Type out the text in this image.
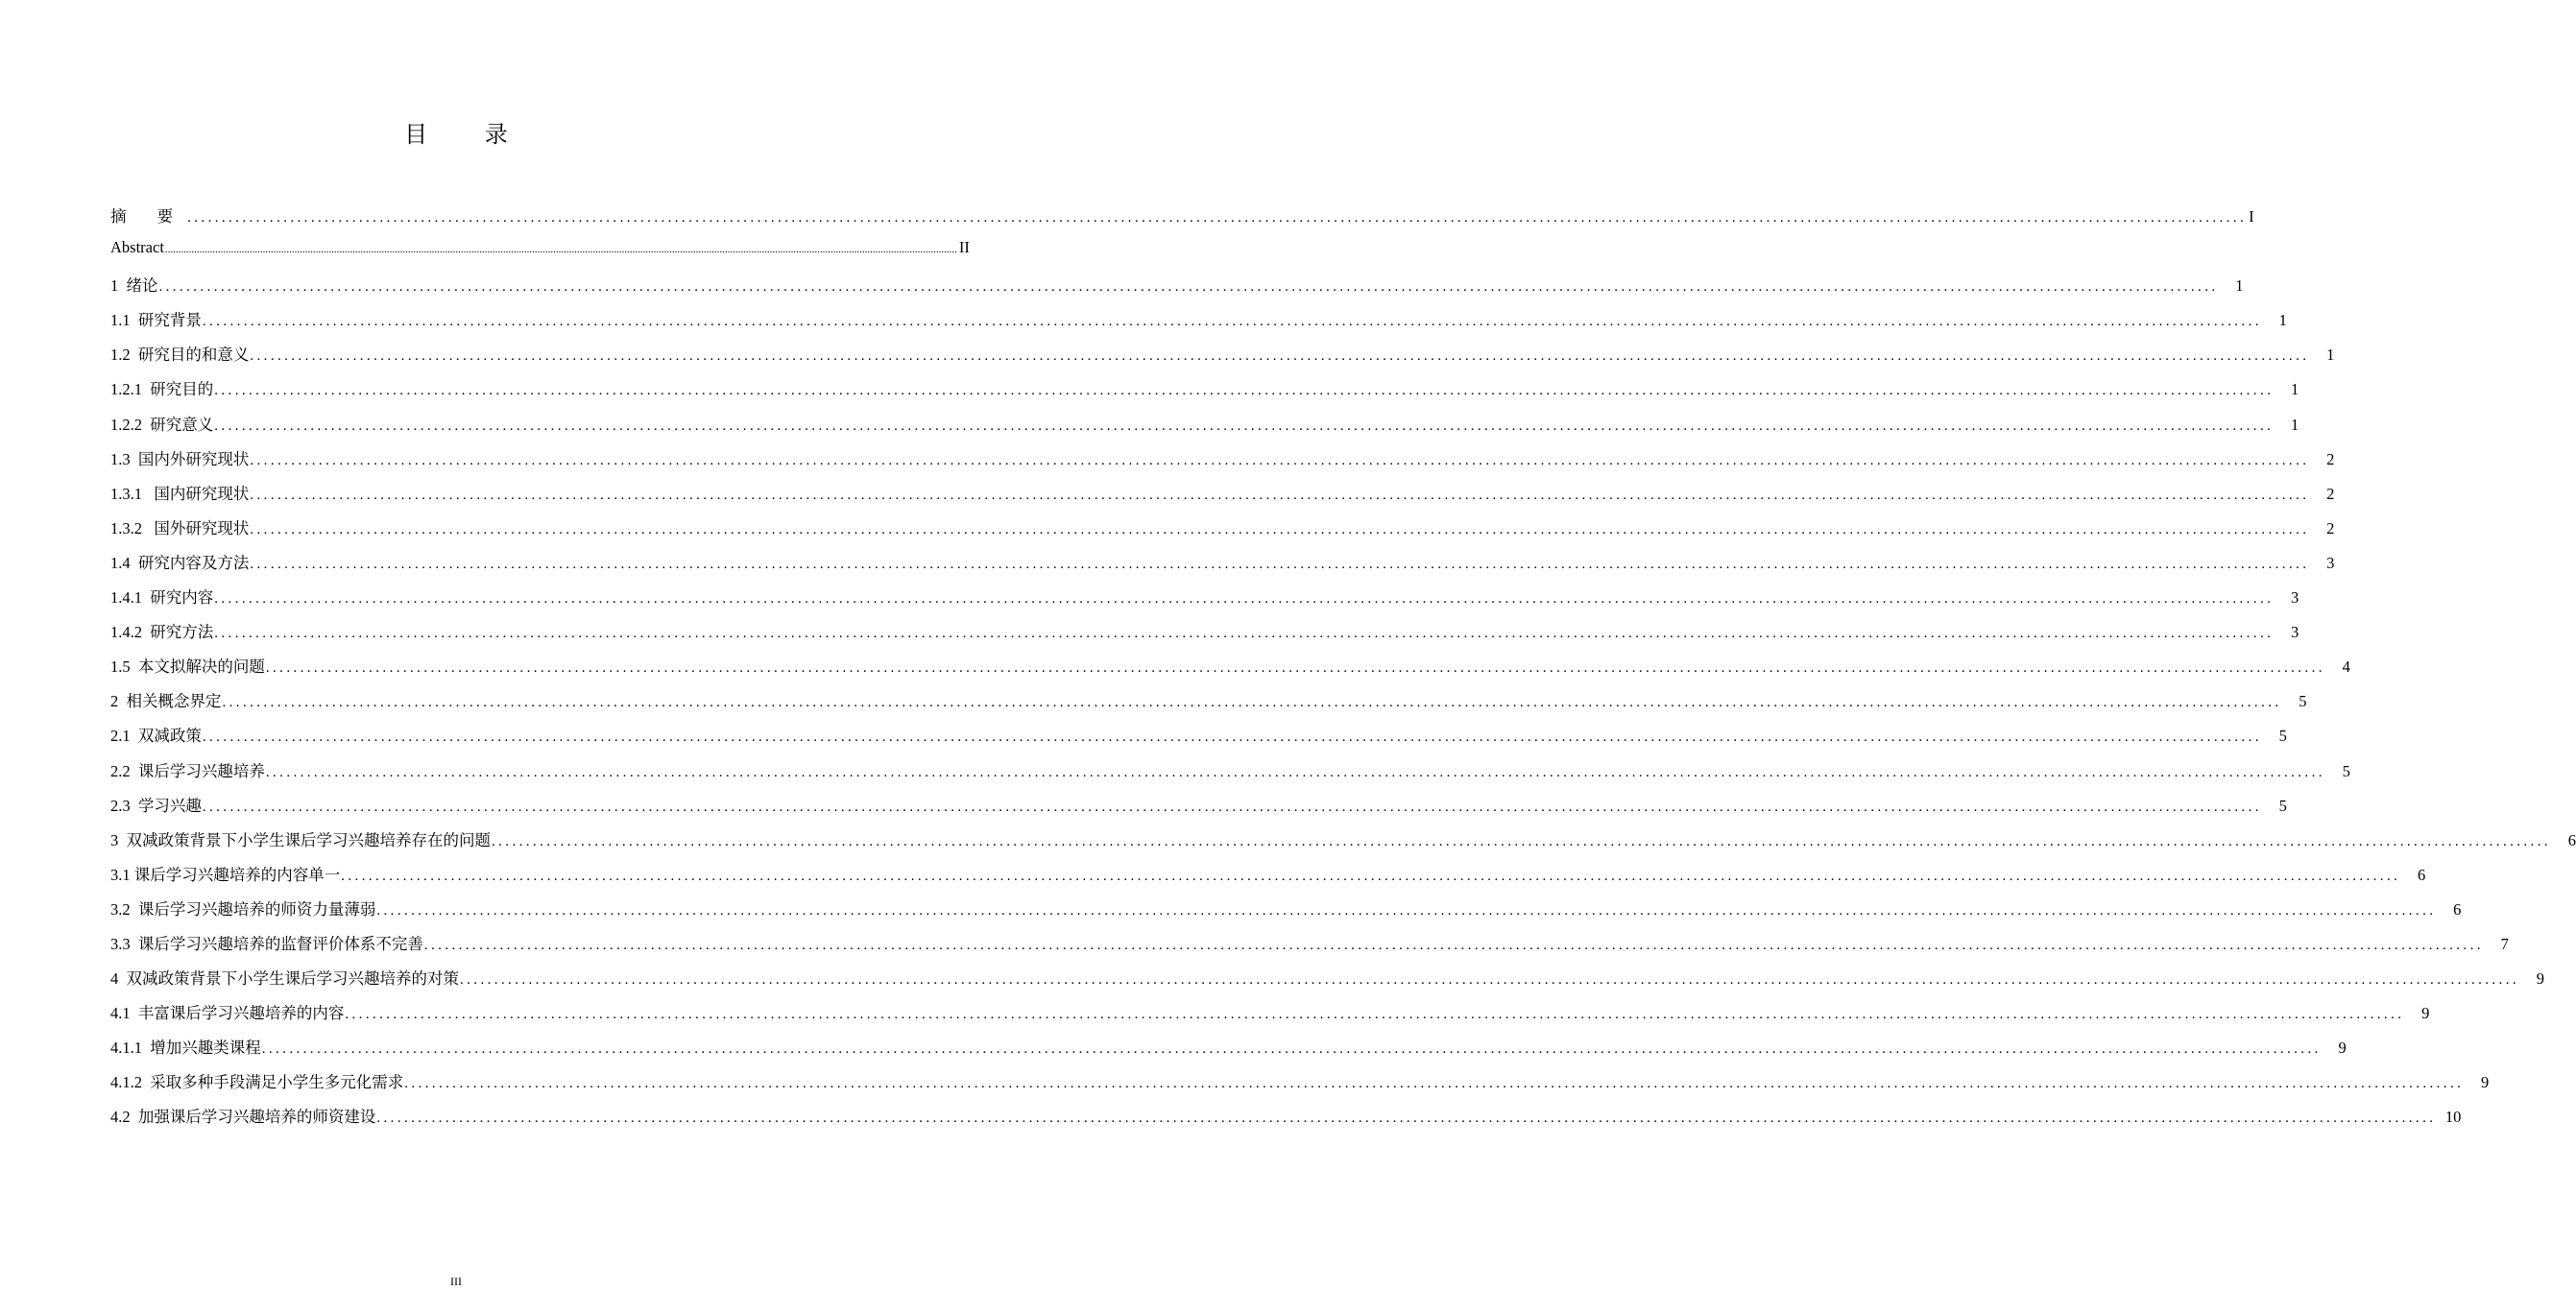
目 录
摘 要 ............................................................................................................................................................................................................................................................................................................ I
Abstract ............................................................................................................................................................................................................................................................................................................ II
1  绪论 ............................................................................................................................................................................................................................................................................................................	1
1.1  研究背景 ............................................................................................................................................................................................................................................................................................................	1
1.2  研究目的和意义 ............................................................................................................................................................................................................................................................................................................	1
1.2.1  研究目的 ............................................................................................................................................................................................................................................................................................................	1
1.2.2  研究意义 ............................................................................................................................................................................................................................................................................................................	1
1.3  国内外研究现状 ............................................................................................................................................................................................................................................................................................................	2
1.3.1   国内研究现状 ............................................................................................................................................................................................................................................................................................................	2
1.3.2   国外研究现状 ............................................................................................................................................................................................................................................................................................................	2
1.4  研究内容及方法 ............................................................................................................................................................................................................................................................................................................	3
1.4.1  研究内容 ............................................................................................................................................................................................................................................................................................................	3
1.4.2  研究方法 ............................................................................................................................................................................................................................................................................................................	3
1.5  本文拟解决的问题 ............................................................................................................................................................................................................................................................................................................	4
2  相关概念界定 ............................................................................................................................................................................................................................................................................................................	5
2.1  双减政策 ............................................................................................................................................................................................................................................................................................................	5
2.2  课后学习兴趣培养 ............................................................................................................................................................................................................................................................................................................	5
2.3  学习兴趣 ............................................................................................................................................................................................................................................................................................................	5
3  双减政策背景下小学生课后学习兴趣培养存在的问题 ............................................................................................................................................................................................................................................................................................................	6
3.1 课后学习兴趣培养的内容单一 ............................................................................................................................................................................................................................................................................................................	6
3.2  课后学习兴趣培养的师资力量薄弱 ............................................................................................................................................................................................................................................................................................................	6
3.3  课后学习兴趣培养的监督评价体系不完善 ............................................................................................................................................................................................................................................................................................................	7
4  双减政策背景下小学生课后学习兴趣培养的对策 ............................................................................................................................................................................................................................................................................................................	9
4.1  丰富课后学习兴趣培养的内容 ............................................................................................................................................................................................................................................................................................................	9
4.1.1  增加兴趣类课程 ............................................................................................................................................................................................................................................................................................................	9
4.1.2  采取多种手段满足小学生多元化需求 ............................................................................................................................................................................................................................................................................................................	9
4.2  加强课后学习兴趣培养的师资建设 ............................................................................................................................................................................................................................................................................................................ 10
III
